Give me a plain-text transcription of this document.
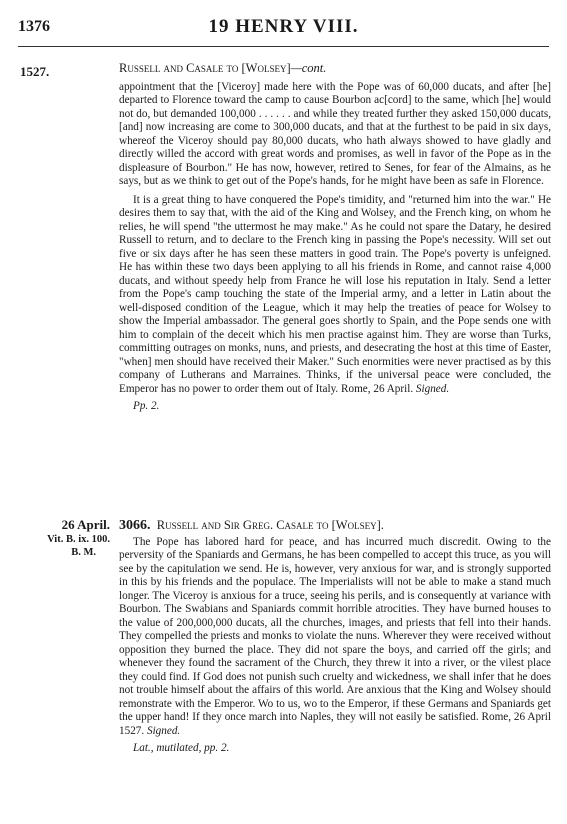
1376	19 HENRY VIII.
1527.	Russell and Casale to [Wolsey]—cont.

appointment that the [Viceroy] made here with the Pope was of 60,000 ducats, and after [he] departed to Florence toward the camp to cause Bourbon ac[cord] to the same, which [he] would not do, but demanded 100,000 . . . . . . and while they treated further they asked 150,000 ducats, [and] now increasing are come to 300,000 ducats, and that at the furthest to be paid in six days, whereof the Viceroy should pay 80,000 ducats, who hath always showed to have gladly and directly willed the accord with great words and promises, as well in favor of the Pope as in the displeasure of Bourbon." He has now, however, retired to Senes, for fear of the Almains, as he says, but as we think to get out of the Pope's hands, for he might have been as safe in Florence.

It is a great thing to have conquered the Pope's timidity, and "returned him into the war." He desires them to say that, with the aid of the King and Wolsey, and the French king, on whom he relies, he will spend "the uttermost he may make." As he could not spare the Datary, he desired Russell to return, and to declare to the French king in passing the Pope's necessity. Will set out five or six days after he has seen these matters in good train. The Pope's poverty is unfeigned. He has within these two days been applying to all his friends in Rome, and cannot raise 4,000 ducats, and without speedy help from France he will lose his reputation in Italy. Send a letter from the Pope's camp touching the state of the Imperial army, and a letter in Latin about the well-disposed condition of the League, which it may help the treaties of peace for Wolsey to show the Imperial ambassador. The general goes shortly to Spain, and the Pope sends one with him to complain of the deceit which his men practise against him. They are worse than Turks, committing outrages on monks, nuns, and priests, and desecrating the host at this time of Easter, "when] men should have received their Maker." Such enormities were never practised as by this company of Lutherans and Marraines. Thinks, if the universal peace were concluded, the Emperor has no power to order them out of Italy. Rome, 26 April. Signed.

Pp. 2.

26 April.
Vit. B. ix. 100.
B. M.

3066. Russell and Sir Greg. Casale to [Wolsey].

The Pope has labored hard for peace, and has incurred much discredit. Owing to the perversity of the Spaniards and Germans, he has been compelled to accept this truce, as you will see by the capitulation we send. He is, however, very anxious for war, and is strongly supported in this by his friends and the populace. The Imperialists will not be able to make a stand much longer. The Viceroy is anxious for a truce, seeing his perils, and is consequently at variance with Bourbon. The Swabians and Spaniards commit horrible atrocities. They have burned houses to the value of 200,000,000 ducats, all the churches, images, and priests that fell into their hands. They compelled the priests and monks to violate the nuns. Wherever they were received without opposition they burned the place. They did not spare the boys, and carried off the girls; and whenever they found the sacrament of the Church, they threw it into a river, or the vilest place they could find. If God does not punish such cruelty and wickedness, we shall infer that he does not trouble himself about the affairs of this world. Are anxious that the King and Wolsey should remonstrate with the Emperor. Wo to us, wo to the Emperor, if these Germans and Spaniards get the upper hand! If they once march into Naples, they will not easily be satisfied. Rome, 26 April 1527. Signed.

Lat., mutilated, pp. 2.
